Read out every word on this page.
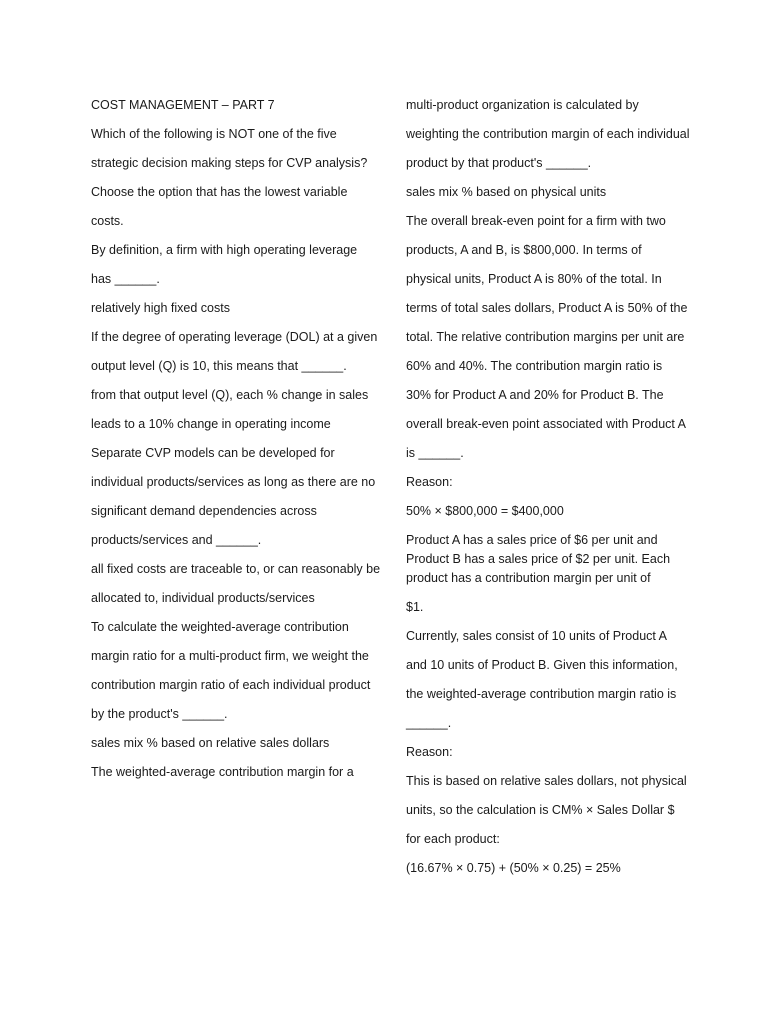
COST MANAGEMENT – PART 7

Which of the following is NOT one of the five strategic decision making steps for CVP analysis?

Choose the option that has the lowest variable costs.

By definition, a firm with high operating leverage

has ______.

relatively high fixed costs

If the degree of operating leverage (DOL) at a given output level (Q) is 10, this means that ______.

from that output level (Q), each % change in sales leads to a 10% change in operating income

Separate CVP models can be developed for individual products/services as long as there are no significant demand dependencies across products/services and ______.

all fixed costs are traceable to, or can reasonably be allocated to, individual products/services

To calculate the weighted-average contribution margin ratio for a multi-product firm, we weight the contribution margin ratio of each individual product by the product's ______.

sales mix % based on relative sales dollars

The weighted-average contribution margin for a

multi-product organization is calculated by weighting the contribution margin of each individual product by that product's ______.

sales mix % based on physical units

The overall break-even point for a firm with two products, A and B, is $800,000. In terms of physical units, Product A is 80% of the total. In terms of total sales dollars, Product A is 50% of the total. The relative contribution margins per unit are 60% and 40%. The contribution margin ratio is 30% for Product A and 20% for Product B. The overall break-even point associated with Product A is ______.

Reason:

50% × $800,000 = $400,000

Product A has a sales price of $6 per unit and Product B has a sales price of $2 per unit. Each product has a contribution margin per unit of

$1.

Currently, sales consist of 10 units of Product A and 10 units of Product B. Given this information, the weighted-average contribution margin ratio is ______.

Reason:

This is based on relative sales dollars, not physical units, so the calculation is CM% × Sales Dollar $ for each product:

(16.67% × 0.75) + (50% × 0.25) = 25%
